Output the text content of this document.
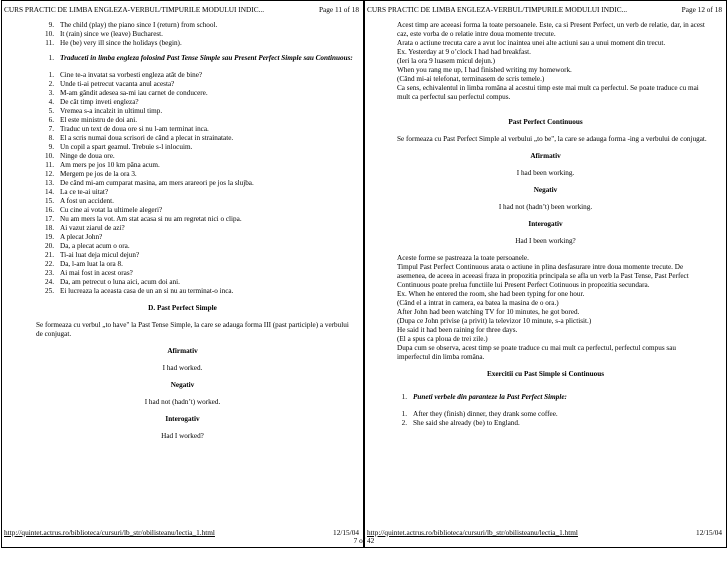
CURS PRACTIC DE LIMBA ENGLEZA-VERBUL/TIMPURILE MODULUI INDIC...	Page 11 of 18
9. The child (play) the piano since I (return) from school.
10. It (rain) since we (leave) Bucharest.
11. He (be) very ill since the holidays (begin).
1. Traduceti in limba engleza folosind Past Tense Simple sau Present Perfect Simple sau Continuous:
1. Cine te-a invatat sa vorbesti engleza atât de bine?
2. Unde ti-ai petrecut vacanta anul acesta?
3. M-am gândit adesea sa-mi iau carnet de conducere.
4. De cât timp inveti engleza?
5. Vremea s-a incalzit in ultimul timp.
6. El este ministru de doi ani.
7. Traduc un text de doua ore si nu l-am terminat inca.
8. El a scris numai doua scrisori de când a plecat in strainatate.
9. Un copil a spart geamul. Trebuie s-l inlocuim.
10. Ninge de doua ore.
11. Am mers pe jos 10 km pâna acum.
12. Mergem pe jos de la ora 3.
13. De când mi-am cumparat masina, am mers arareori pe jos la slujba.
14. La ce te-ai uitat?
15. A fost un accident.
16. Cu cine ai votat la ultimele alegeri?
17. Nu am mers la vot. Am stat acasa si nu am regretat nici o clipa.
18. Ai vazut ziarul de azi?
19. A plecat John?
20. Da, a plecat acum o ora.
21. Ti-ai luat deja micul dejun?
22. Da, l-am luat la ora 8.
23. Ai mai fost in acest oras?
24. Da, am petrecut o luna aici, acum doi ani.
25. Ei lucreaza la aceasta casa de un an si nu au terminat-o inca.
D. Past Perfect Simple
Se formeaza cu verbul „to have" la Past Tense Simple, la care se adauga forma III (past participle) a verbului de conjugat.
Afirmativ
I had worked.
Negativ
I had not (hadn’t) worked.
Interogativ
Had I worked?
http://quintet.actrus.ro/biblioteca/cursuri/lb_str/obilisteanu/lectia_1.html	12/15/04
CURS PRACTIC DE LIMBA ENGLEZA-VERBUL/TIMPURILE MODULUI INDIC...	Page 12 of 18
Acest timp are aceeasi forma la toate persoanele. Este, ca si Present Perfect, un verb de relatie, dar, in acest caz, este vorba de o relatie intre doua momente trecute.
Arata o actiune trecuta care a avut loc inaintea unei alte actiuni sau a unui moment din trecut.
Ex. Yesterday at 9 o’clock I had had breakfast.
(Ieri la ora 9 luasem micul dejun.)
When you rang me up, I had finished writing my homework.
(Când mi-ai telefonat, terminasem de scris temele.)
Ca sens, echivalentul in limba româna al acestui timp este mai mult ca perfectul. Se poate traduce cu mai mult ca perfectul sau perfectul compus.
Past Perfect Continuous
Se formeaza cu Past Perfect Simple al verbului „to be", la care se adauga forma -ing a verbului de conjugat.
Afirmativ
I had been working.
Negativ
I had not (hadn’t) been working.
Interogativ
Had I been working?
Aceste forme se pastreaza la toate persoanele.
Timpul Past Perfect Continuous arata o actiune in plina desfasurare intre doua momente trecute. De asemenea, de aceea in aceeasi fraza in propozitia principala se afla un verb la Past Tense, Past Perfect Continuous poate prelua functiile lui Present Perfect Cotinuous in propozitia secundara.
Ex. When he entered the room, she had been typing for one hour.
(Când el a intrat in camera, ea batea la masina de o ora.)
After John had been watching TV for 10 minutes, he got bored.
(Dupa ce John privise (a privit) la televizor 10 minute, s-a plictisit.)
He said it had been raining for three days.
(El a spus ca ploua de trei zile.)
Dupa cum se observa, acest timp se poate traduce cu mai mult ca perfectul, perfectul compus sau imperfectul din limba româna.
Exercitii cu Past Simple si Continuous
1. Puneti verbele din paranteze la Past Perfect Simple:
1. After they (finish) dinner, they drank some coffee.
2. She said she already (be) to England.
http://quintet.actrus.ro/biblioteca/cursuri/lb_str/obilisteanu/lectia_1.html	12/15/04
7 of 42
